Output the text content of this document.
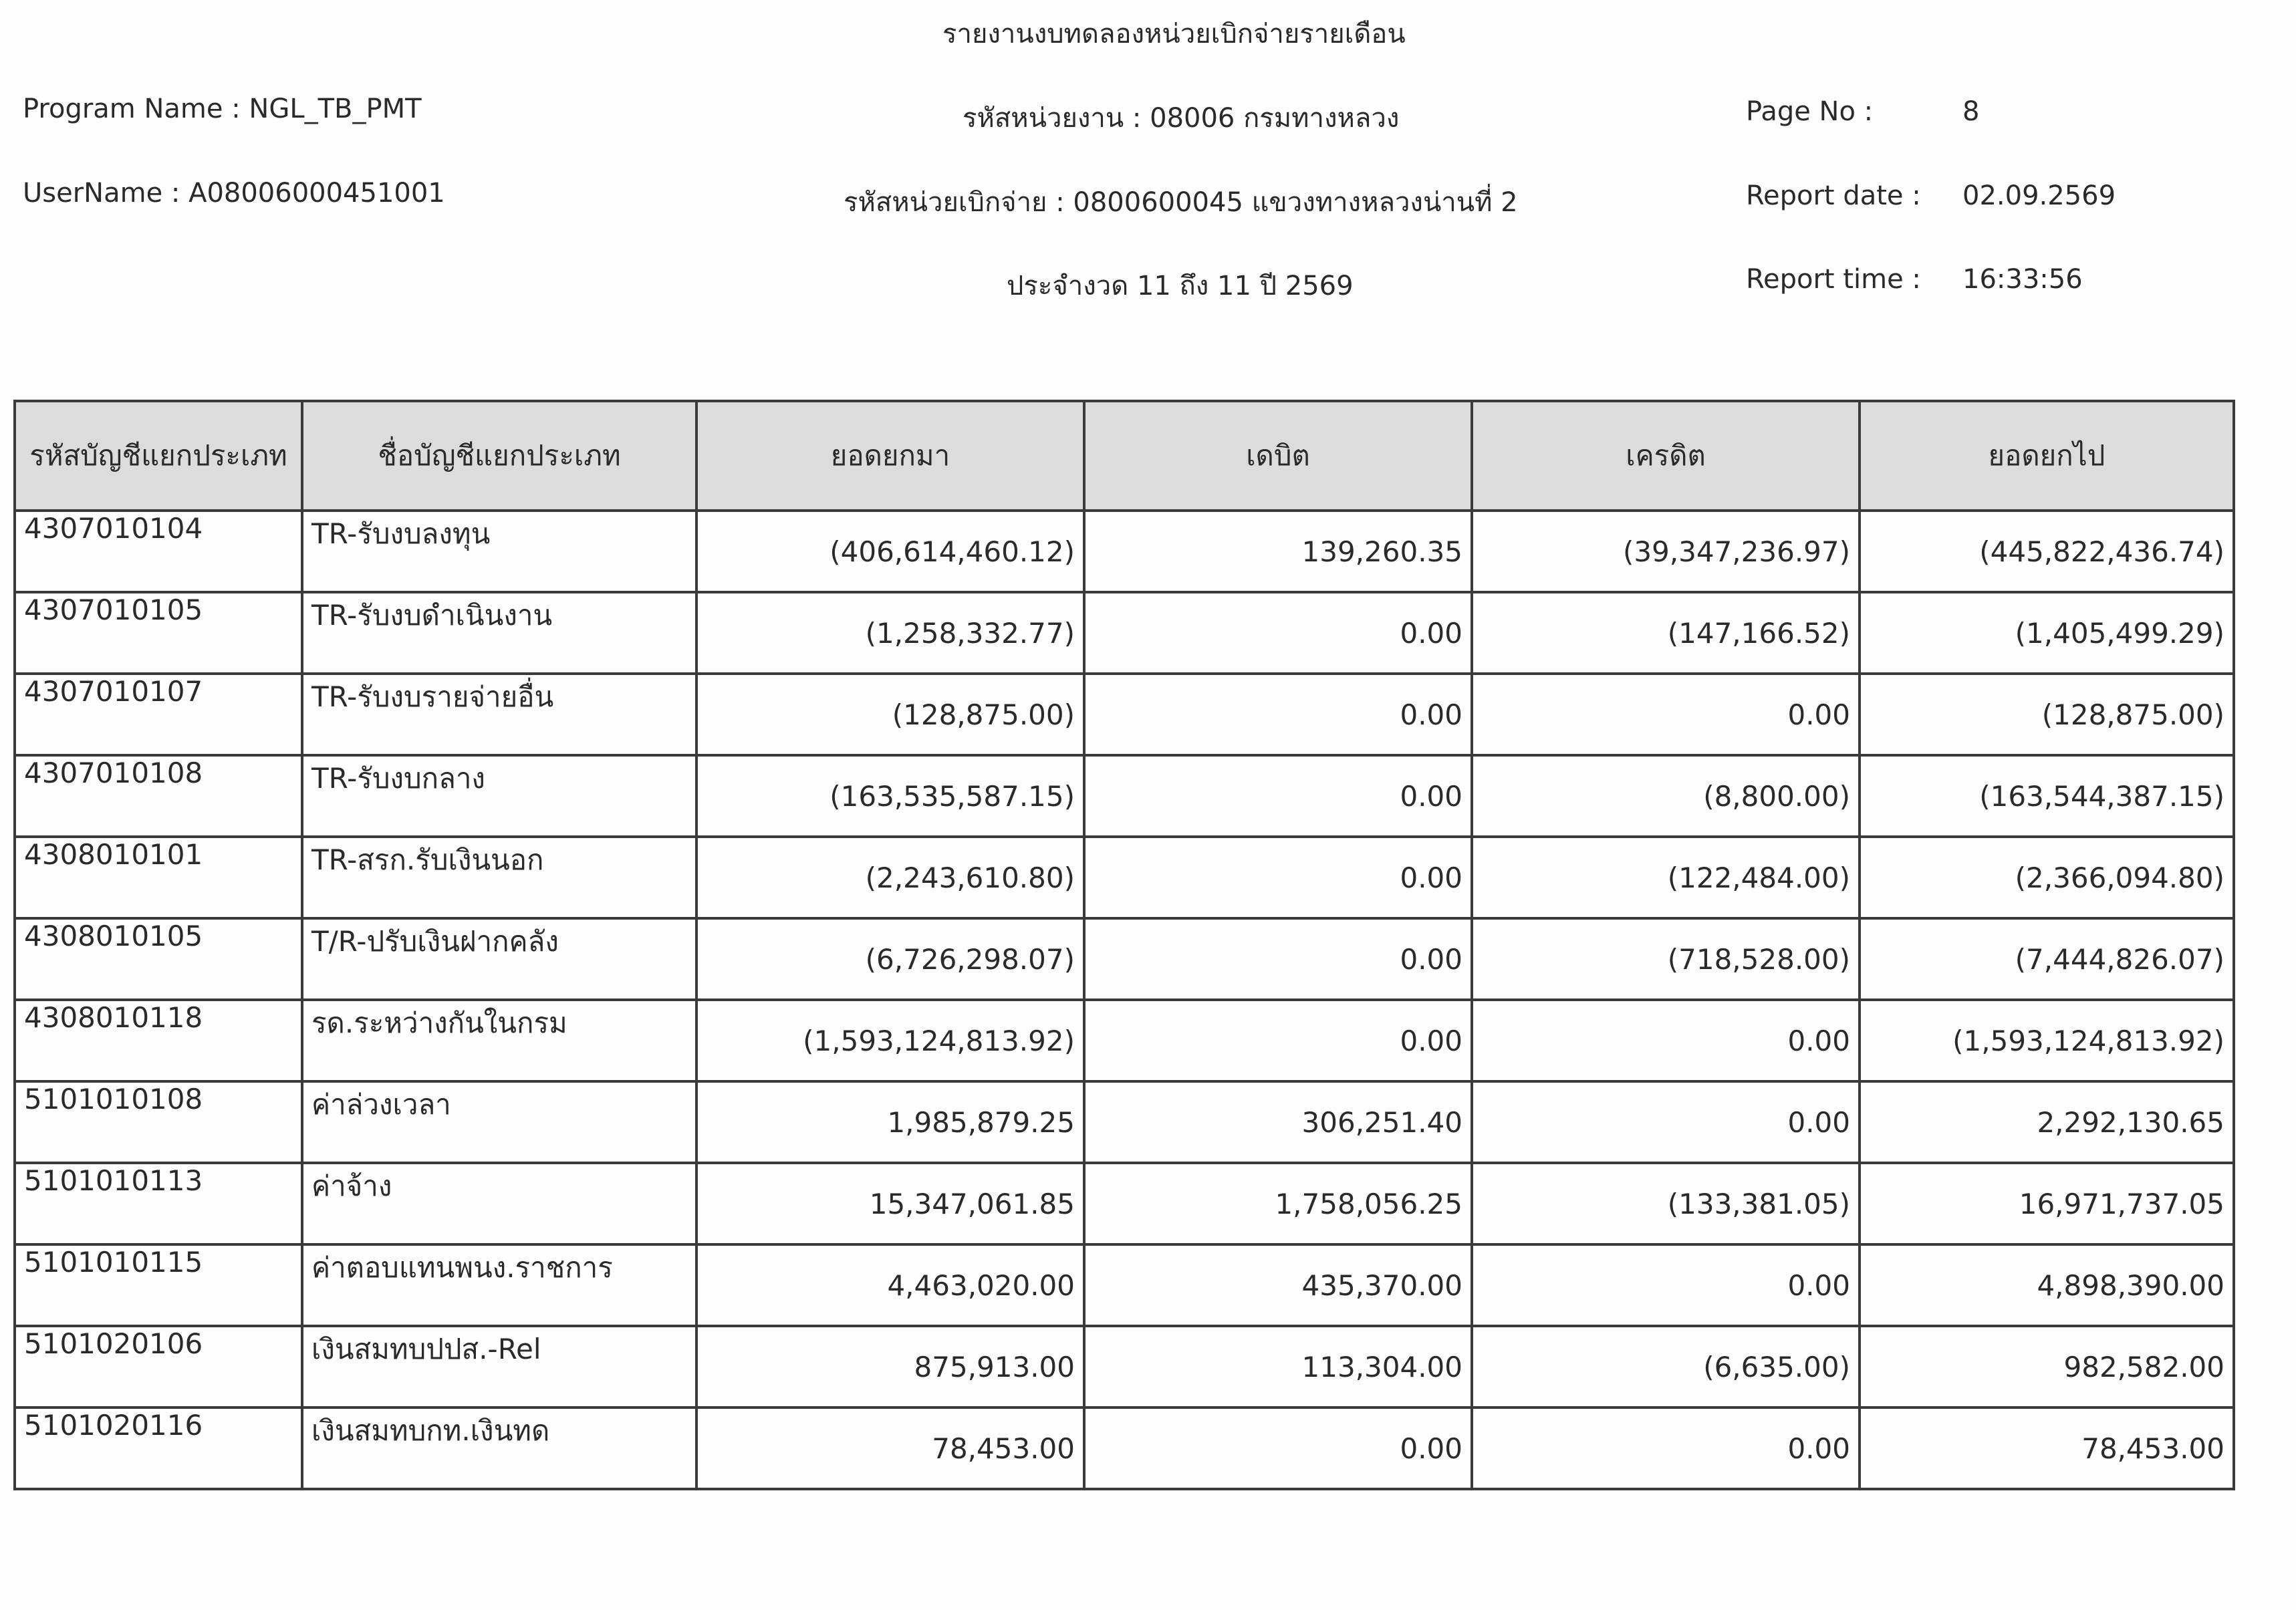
รายงานงบทดลองหน่วยเบิกจ่ายรายเดือน
Program Name : NGL_TB_PMT
UserName : A08006000451001
รหัสหน่วยงาน : 08006 กรมทางหลวง
รหัสหน่วยเบิกจ่าย : 0800600045 แขวงทางหลวงน่านที่ 2
ประจำงวด 11 ถึง 11 ปี 2569
Page No :	8
Report date : 02.09.2569
Report time : 16:33:56
รหัสบัญชีแยกประเภท	ชื่อบัญชีแยกประเภท	ยอดยกมา	เดบิต	เครดิต	ยอดยกไป
4307010104	TR-รับงบลงทุน	(406,614,460.12)	139,260.35	(39,347,236.97)	(445,822,436.74)
4307010105	TR-รับงบดำเนินงาน	(1,258,332.77)	0.00	(147,166.52)	(1,405,499.29)
4307010107	TR-รับงบรายจ่ายอื่น	(128,875.00)	0.00	0.00	(128,875.00)
4307010108	TR-รับงบกลาง	(163,535,587.15)	0.00	(8,800.00)	(163,544,387.15)
4308010101	TR-สรก.รับเงินนอก	(2,243,610.80)	0.00	(122,484.00)	(2,366,094.80)
4308010105	T/R-ปรับเงินฝากคลัง	(6,726,298.07)	0.00	(718,528.00)	(7,444,826.07)
4308010118	รด.ระหว่างกันในกรม	(1,593,124,813.92)	0.00	0.00	(1,593,124,813.92)
5101010108	ค่าล่วงเวลา	1,985,879.25	306,251.40	0.00	2,292,130.65
5101010113	ค่าจ้าง	15,347,061.85	1,758,056.25	(133,381.05)	16,971,737.05
5101010115	ค่าตอบแทนพนง.ราชการ	4,463,020.00	435,370.00	0.00	4,898,390.00
5101020106	เงินสมทบปปส.-Rel	875,913.00	113,304.00	(6,635.00)	982,582.00
5101020116	เงินสมทบกท.เงินทด	78,453.00	0.00	0.00	78,453.00
